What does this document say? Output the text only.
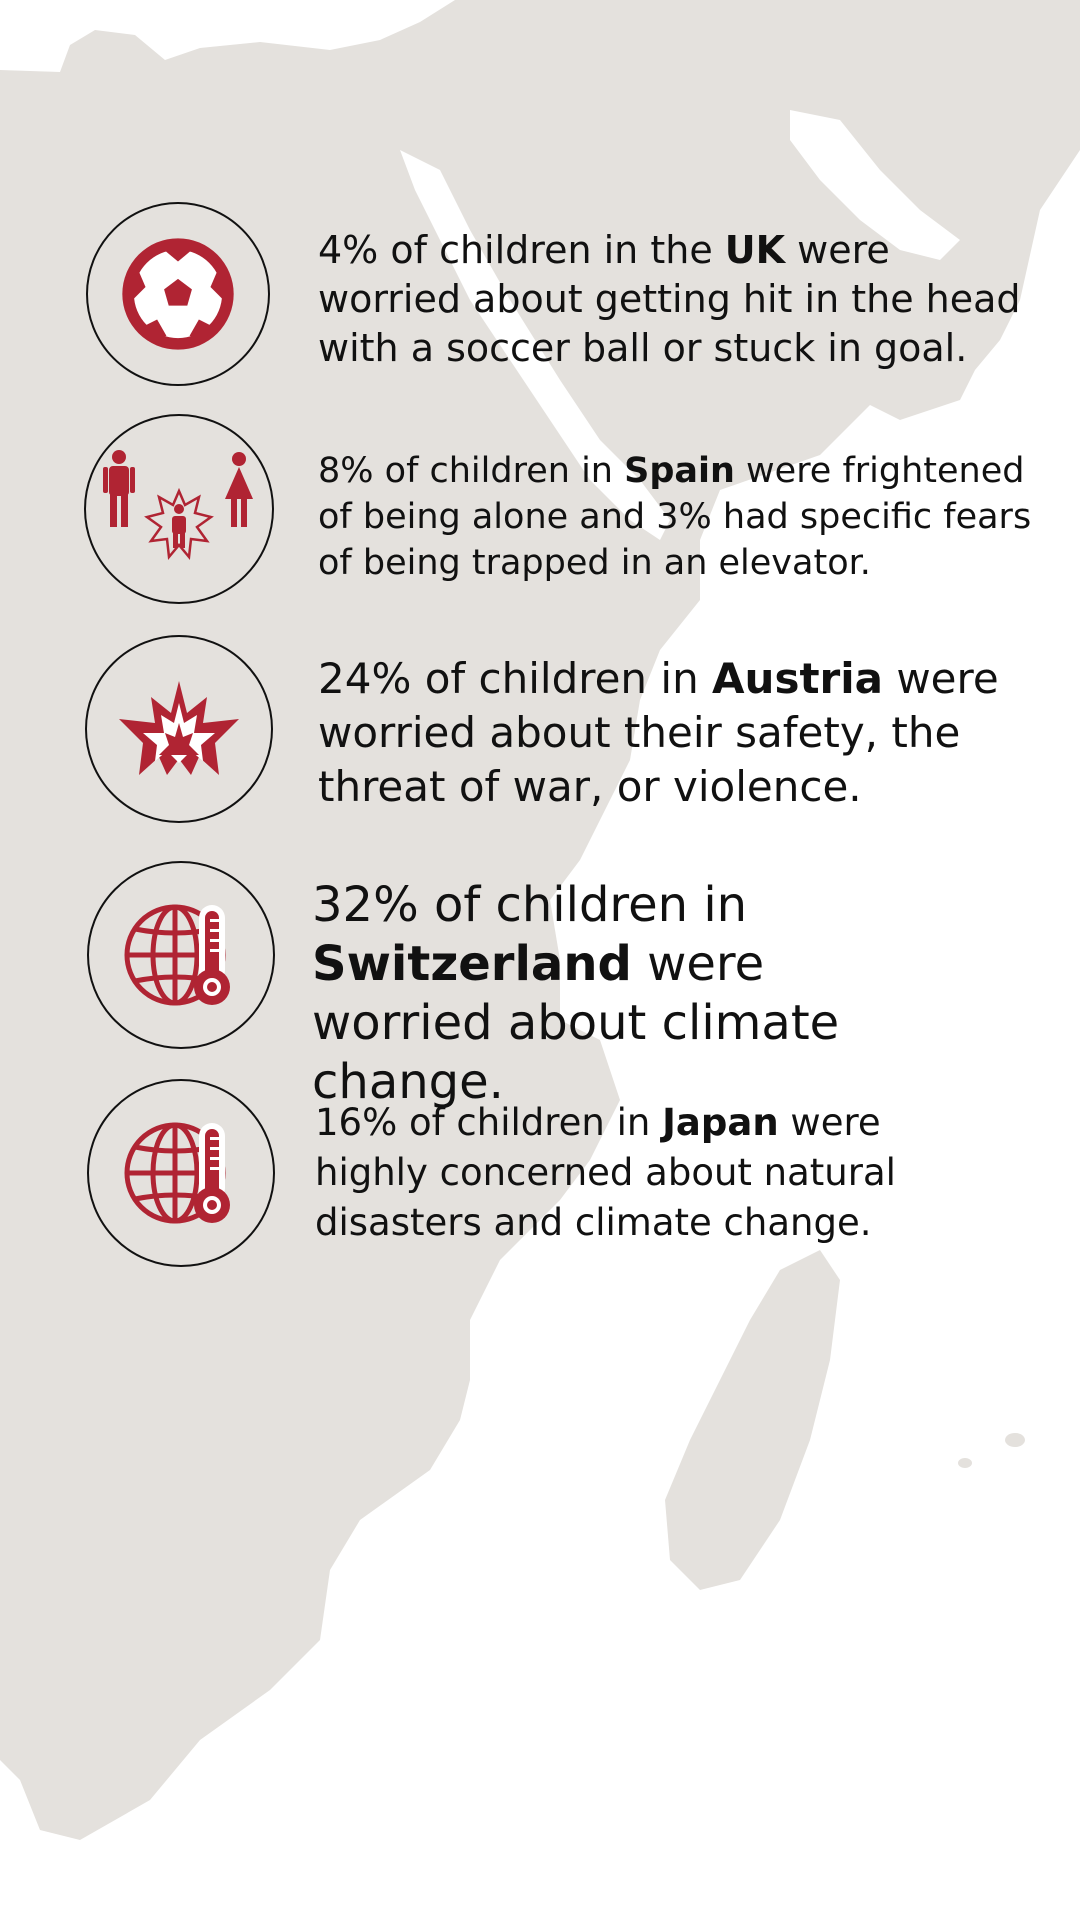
4% of children in the UK were worried about getting hit in the head with a soccer ball or stuck in goal.

8% of children in Spain were frightened of being alone and 3% had specific fears of being trapped in an elevator.

24% of children in Austria were worried about their safety, the threat of war, or violence.

32% of children in Switzerland were worried about climate change.

16% of children in Japan were highly concerned about natural disasters and climate change.
